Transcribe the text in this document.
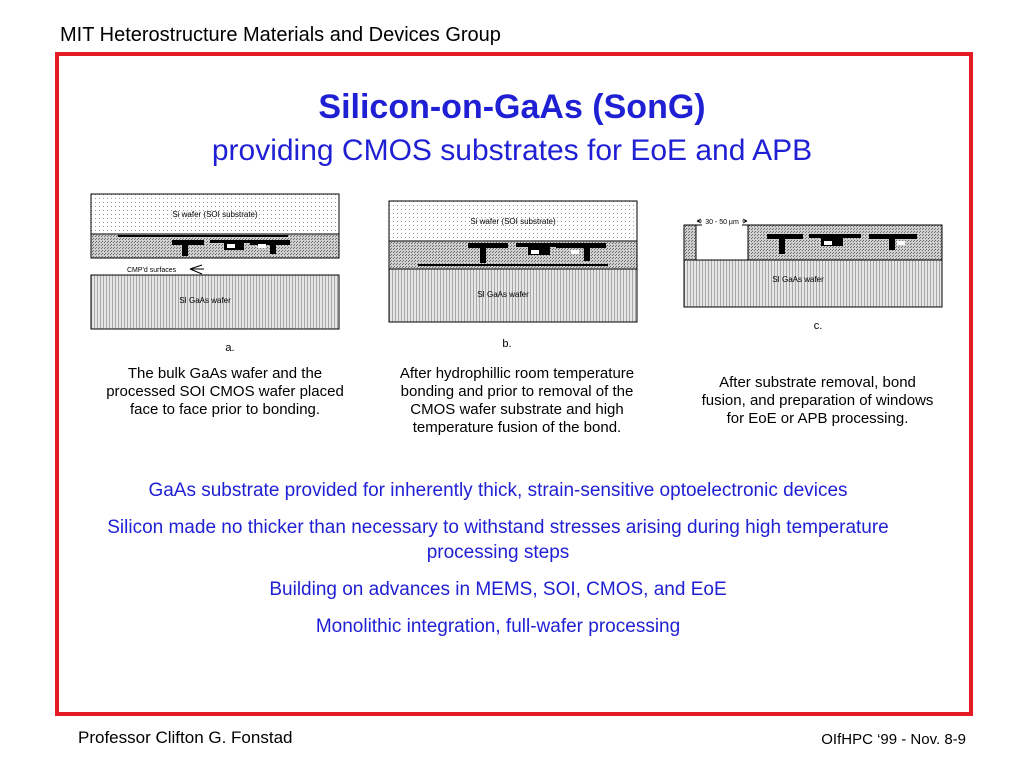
MIT Heterostructure Materials and Devices Group
Silicon-on-GaAs (SonG)
providing CMOS substrates for EoE and APB
Si wafer (SOI substrate)
CMP'd surfaces
SI GaAs wafer
a.
The bulk GaAs wafer and the processed SOI CMOS wafer placed face to face prior to bonding.
Si wafer (SOI substrate)
SI GaAs wafer
b.
After hydrophillic room temperature bonding and prior to removal of the CMOS wafer substrate and high temperature fusion of the bond.
30 - 50 µm
SI GaAs wafer
c.
After substrate removal, bond fusion, and preparation of windows for EoE or APB processing.

GaAs substrate provided for inherently thick, strain-sensitive optoelectronic devices

Silicon made no thicker than necessary to withstand stresses arising during high temperature processing steps

Building on advances in MEMS, SOI, CMOS, and EoE

Monolithic integration, full-wafer processing

Professor Clifton G. Fonstad	OIfHPC ‘99 - Nov. 8-9
